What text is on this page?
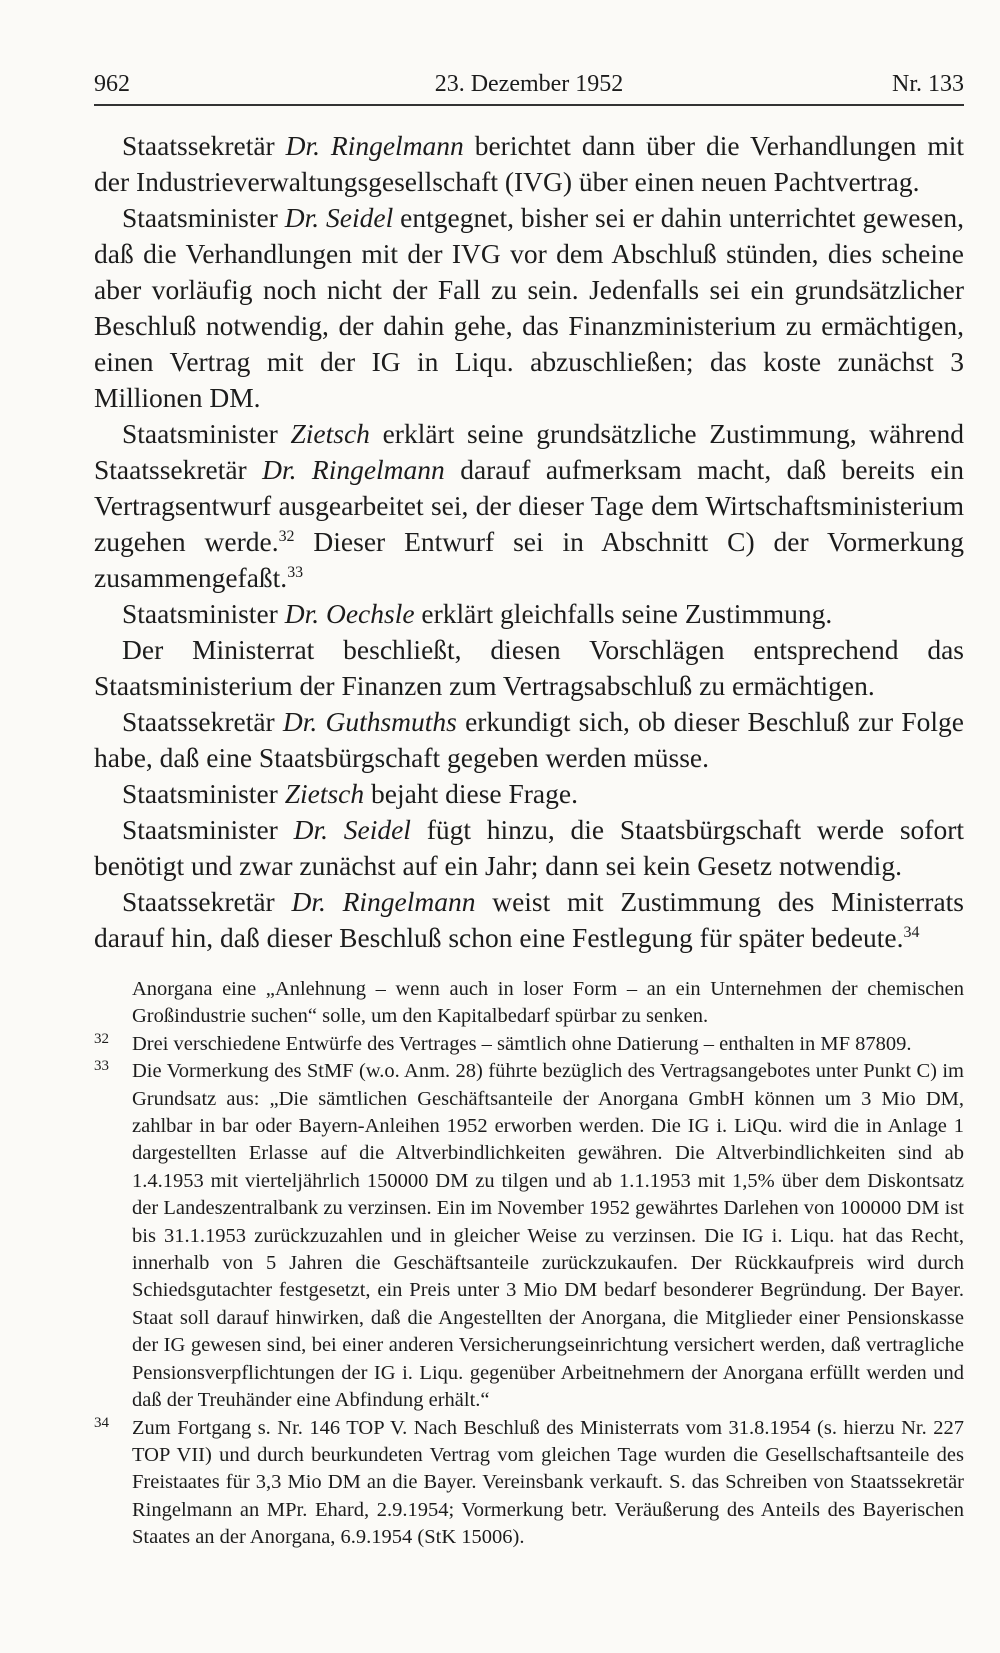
962	23. Dezember 1952	Nr. 133

Staatssekretär Dr. Ringelmann berichtet dann über die Verhandlungen mit der Industrieverwaltungsgesellschaft (IVG) über einen neuen Pachtvertrag.

Staatsminister Dr. Seidel entgegnet, bisher sei er dahin unterrichtet gewesen, daß die Verhandlungen mit der IVG vor dem Abschluß stünden, dies scheine aber vorläufig noch nicht der Fall zu sein. Jedenfalls sei ein grundsätzlicher Beschluß notwendig, der dahin gehe, das Finanzministerium zu ermächtigen, einen Vertrag mit der IG in Liqu. abzuschließen; das koste zunächst 3 Millionen DM.

Staatsminister Zietsch erklärt seine grundsätzliche Zustimmung, während Staatssekretär Dr. Ringelmann darauf aufmerksam macht, daß bereits ein Vertragsentwurf ausgearbeitet sei, der dieser Tage dem Wirtschaftsministerium zugehen werde.$^{32}$ Dieser Entwurf sei in Abschnitt C) der Vormerkung zusammengefaßt.$^{33}$

Staatsminister Dr. Oechsle erklärt gleichfalls seine Zustimmung.

Der Ministerrat beschließt, diesen Vorschlägen entsprechend das Staatsministerium der Finanzen zum Vertragsabschluß zu ermächtigen.

Staatssekretär Dr. Guthsmuths erkundigt sich, ob dieser Beschluß zur Folge habe, daß eine Staatsbürgschaft gegeben werden müsse.

Staatsminister Zietsch bejaht diese Frage.

Staatsminister Dr. Seidel fügt hinzu, die Staatsbürgschaft werde sofort benötigt und zwar zunächst auf ein Jahr; dann sei kein Gesetz notwendig.

Staatssekretär Dr. Ringelmann weist mit Zustimmung des Ministerrats darauf hin, daß dieser Beschluß schon eine Festlegung für später bedeute.$^{34}$

Anorgana eine „Anlehnung – wenn auch in loser Form – an ein Unternehmen der chemischen Großindustrie suchen“ solle, um den Kapitalbedarf spürbar zu senken.

32 Drei verschiedene Entwürfe des Vertrages – sämtlich ohne Datierung – enthalten in MF 87809.

33 Die Vormerkung des StMF (w.o. Anm. 28) führte bezüglich des Vertragsangebotes unter Punkt C) im Grundsatz aus: „Die sämtlichen Geschäftsanteile der Anorgana GmbH können um 3 Mio DM, zahlbar in bar oder Bayern-Anleihen 1952 erworben werden. Die IG i. LiQu. wird die in Anlage 1 dargestellten Erlasse auf die Altverbindlichkeiten gewähren. Die Altverbindlichkeiten sind ab 1.4.1953 mit vierteljährlich 150000 DM zu tilgen und ab 1.1.1953 mit 1,5% über dem Diskontsatz der Landeszentralbank zu verzinsen. Ein im November 1952 gewährtes Darlehen von 100000 DM ist bis 31.1.1953 zurückzuzahlen und in gleicher Weise zu verzinsen. Die IG i. Liqu. hat das Recht, innerhalb von 5 Jahren die Geschäftsanteile zurückzukaufen. Der Rückkaufpreis wird durch Schiedsgutachter festgesetzt, ein Preis unter 3 Mio DM bedarf besonderer Begründung. Der Bayer. Staat soll darauf hinwirken, daß die Angestellten der Anorgana, die Mitglieder einer Pensionskasse der IG gewesen sind, bei einer anderen Versicherungseinrichtung versichert werden, daß vertragliche Pensionsverpflichtungen der IG i. Liqu. gegenüber Arbeitnehmern der Anorgana erfüllt werden und daß der Treuhänder eine Abfindung erhält.“

34 Zum Fortgang s. Nr. 146 TOP V. Nach Beschluß des Ministerrats vom 31.8.1954 (s. hierzu Nr. 227 TOP VII) und durch beurkundeten Vertrag vom gleichen Tage wurden die Gesellschaftsanteile des Freistaates für 3,3 Mio DM an die Bayer. Vereinsbank verkauft. S. das Schreiben von Staatssekretär Ringelmann an MPr. Ehard, 2.9.1954; Vormerkung betr. Veräußerung des Anteils des Bayerischen Staates an der Anorgana, 6.9.1954 (StK 15006).
